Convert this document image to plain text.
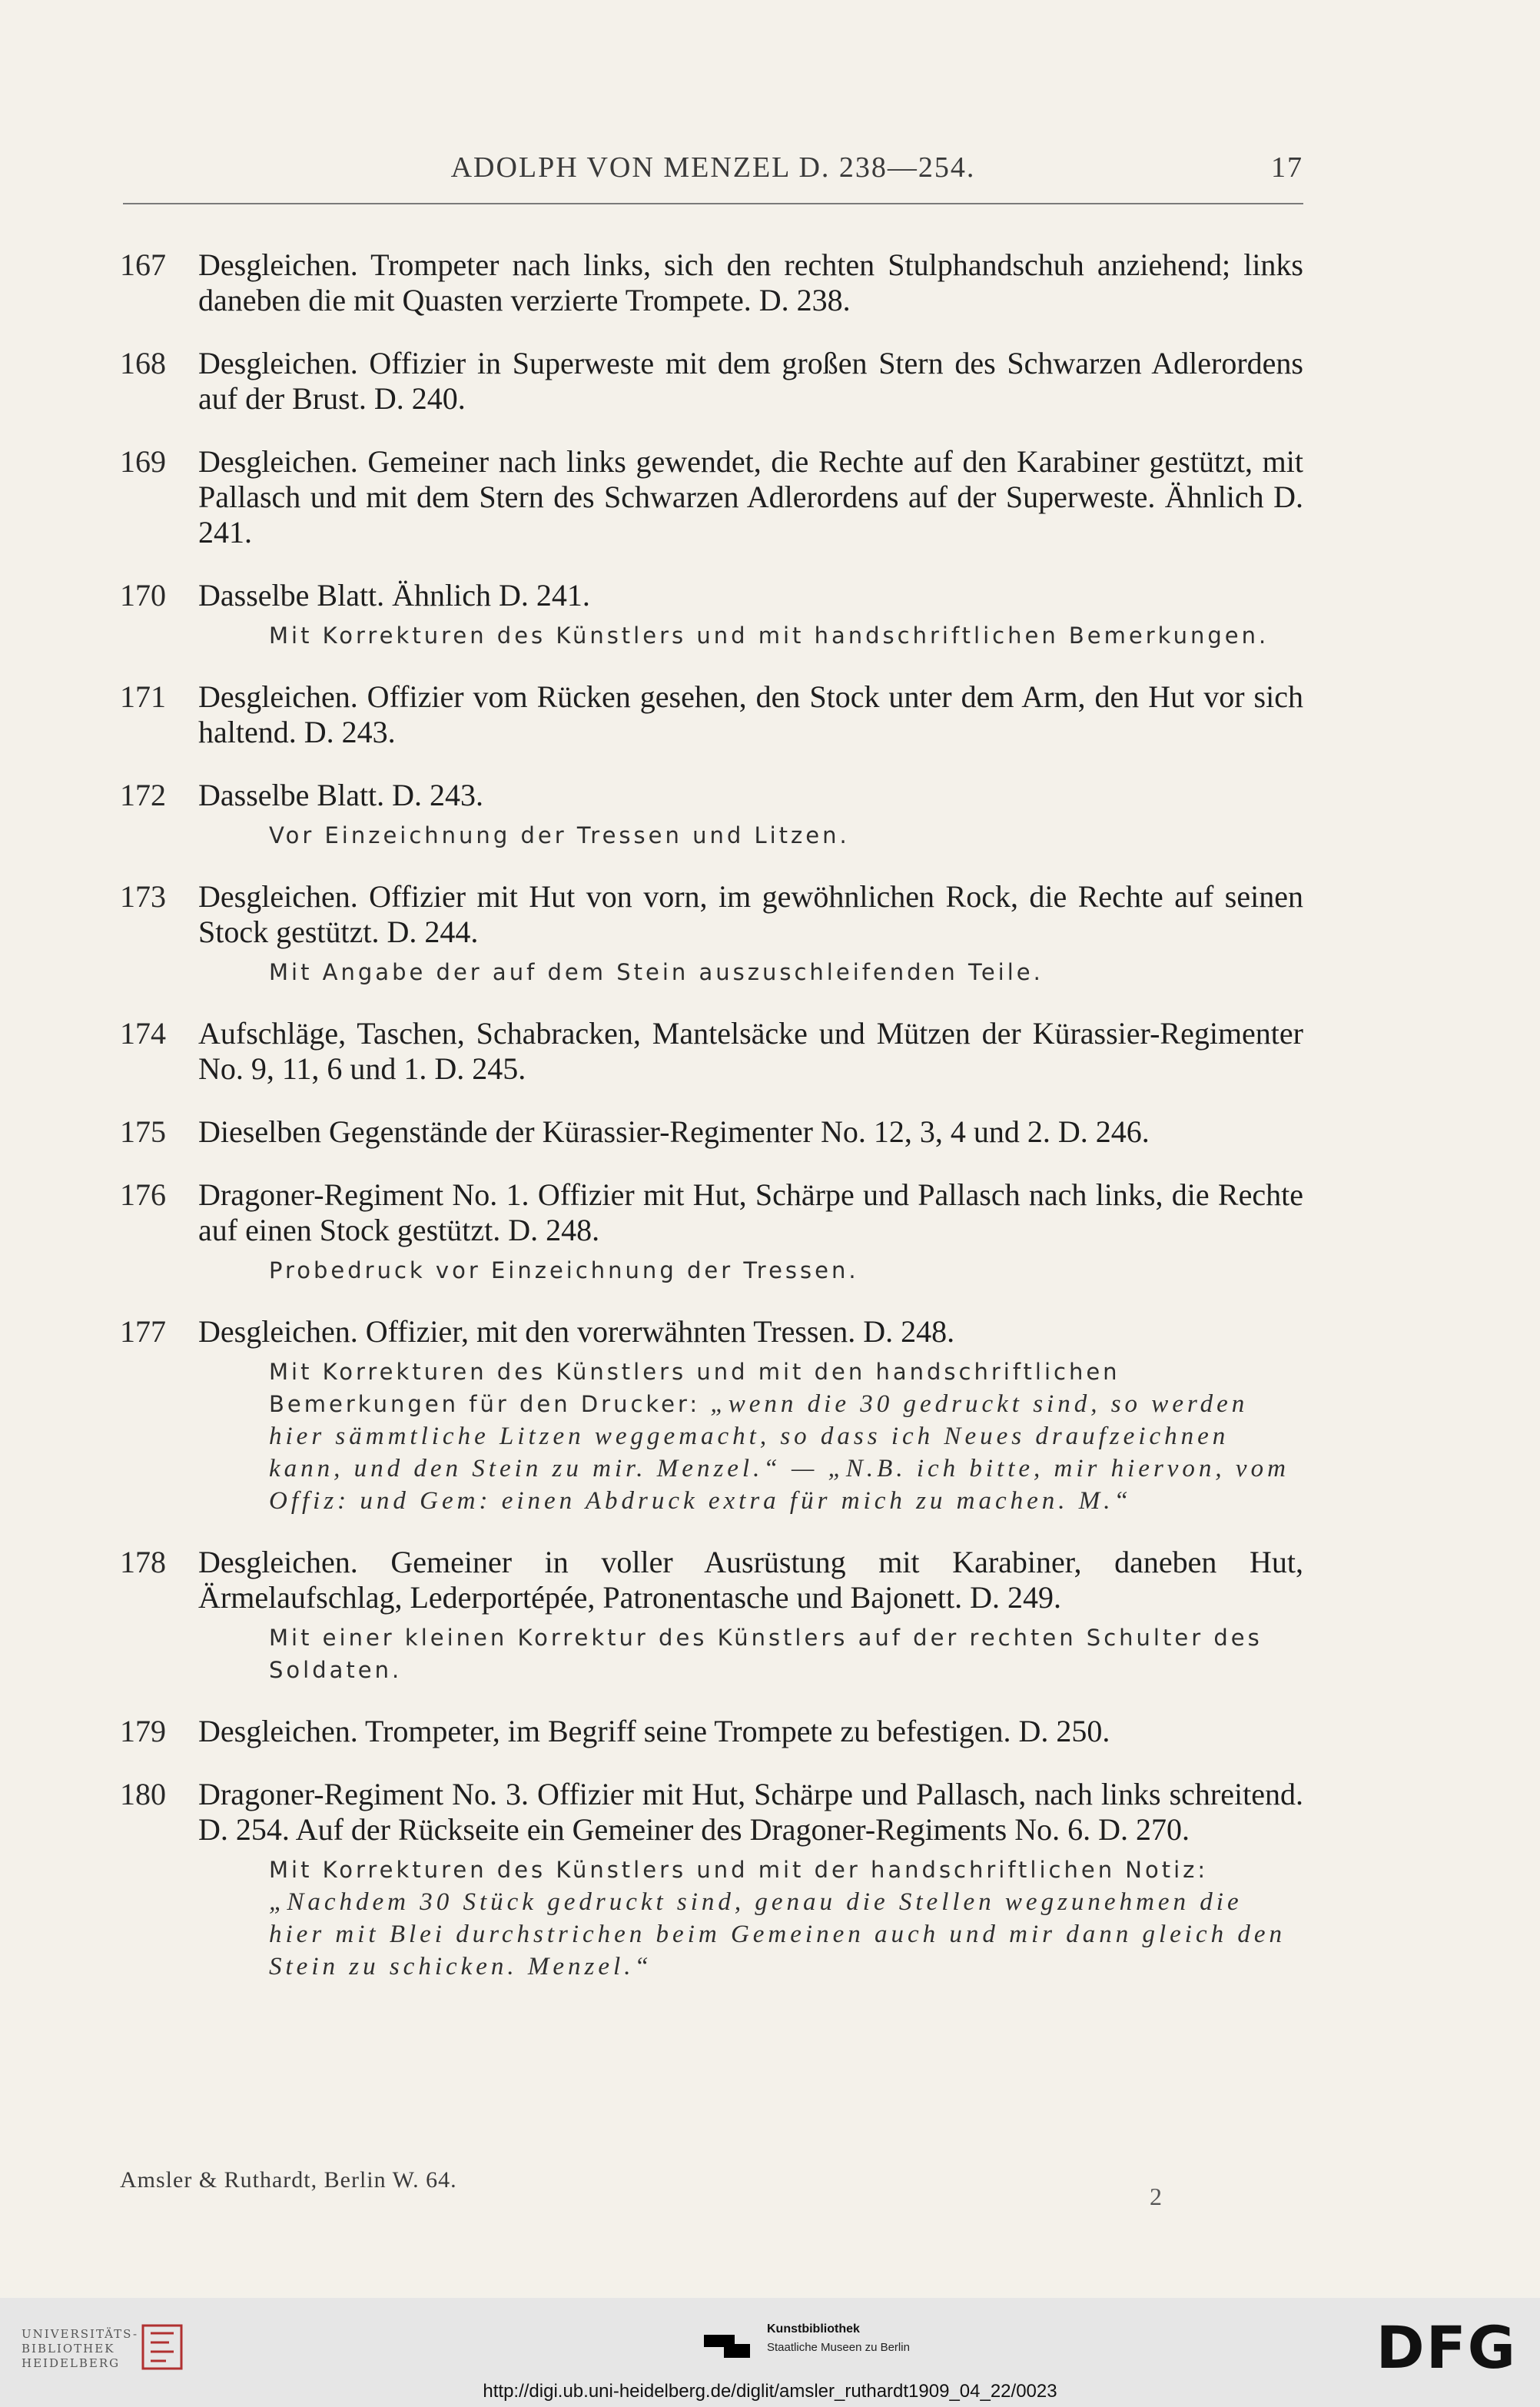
ADOLPH VON MENZEL D. 238—254.	17
167 Desgleichen. Trompeter nach links, sich den rechten Stulphandschuh anziehend; links daneben die mit Quasten verzierte Trompete. D. 238.
168 Desgleichen. Offizier in Superweste mit dem großen Stern des Schwarzen Adlerordens auf der Brust. D. 240.
169 Desgleichen. Gemeiner nach links gewendet, die Rechte auf den Karabiner gestützt, mit Pallasch und mit dem Stern des Schwarzen Adlerordens auf der Superweste. Ähnlich D. 241.
170 Dasselbe Blatt. Ähnlich D. 241.
Mit Korrekturen des Künstlers und mit handschriftlichen Bemerkungen.
171 Desgleichen. Offizier vom Rücken gesehen, den Stock unter dem Arm, den Hut vor sich haltend. D. 243.
172 Dasselbe Blatt. D. 243.
Vor Einzeichnung der Tressen und Litzen.
173 Desgleichen. Offizier mit Hut von vorn, im gewöhnlichen Rock, die Rechte auf seinen Stock gestützt. D. 244.
Mit Angabe der auf dem Stein auszuschleifenden Teile.
174 Aufschläge, Taschen, Schabracken, Mantelsäcke und Mützen der Kürassier-Regimenter No. 9, 11, 6 und 1. D. 245.
175 Dieselben Gegenstände der Kürassier-Regimenter No. 12, 3, 4 und 2. D. 246.
176 Dragoner-Regiment No. 1. Offizier mit Hut, Schärpe und Pallasch nach links, die Rechte auf einen Stock gestützt. D. 248.
Probedruck vor Einzeichnung der Tressen.
177 Desgleichen. Offizier, mit den vorerwähnten Tressen. D. 248.
Mit Korrekturen des Künstlers und mit den handschriftlichen Bemerkungen für den Drucker: „wenn die 30 gedruckt sind, so werden hier sämmtliche Litzen weggemacht, so dass ich Neues draufzeichnen kann, und den Stein zu mir. Menzel.“ — „N.B. ich bitte, mir hiervon, vom Offiz: und Gem: einen Abdruck extra für mich zu machen. M.“
178 Desgleichen. Gemeiner in voller Ausrüstung mit Karabiner, daneben Hut, Ärmelaufschlag, Lederportépée, Patronentasche und Bajonett. D. 249.
Mit einer kleinen Korrektur des Künstlers auf der rechten Schulter des Soldaten.
179 Desgleichen. Trompeter, im Begriff seine Trompete zu befestigen. D. 250.
180 Dragoner-Regiment No. 3. Offizier mit Hut, Schärpe und Pallasch, nach links schreitend. D. 254. Auf der Rückseite ein Gemeiner des Dragoner-Regiments No. 6. D. 270.
Mit Korrekturen des Künstlers und mit der handschriftlichen Notiz: „Nachdem 30 Stück gedruckt sind, genau die Stellen wegzunehmen die hier mit Blei durchstrichen beim Gemeinen auch und mir dann gleich den Stein zu schicken. Menzel.“
Amsler & Ruthardt, Berlin W. 64.
2
UNIVERSITÄTS-BIBLIOTHEK HEIDELBERG
Kunstbibliothek
Staatliche Museen zu Berlin	DFG
http://digi.ub.uni-heidelberg.de/diglit/amsler_ruthardt1909_04_22/0023
